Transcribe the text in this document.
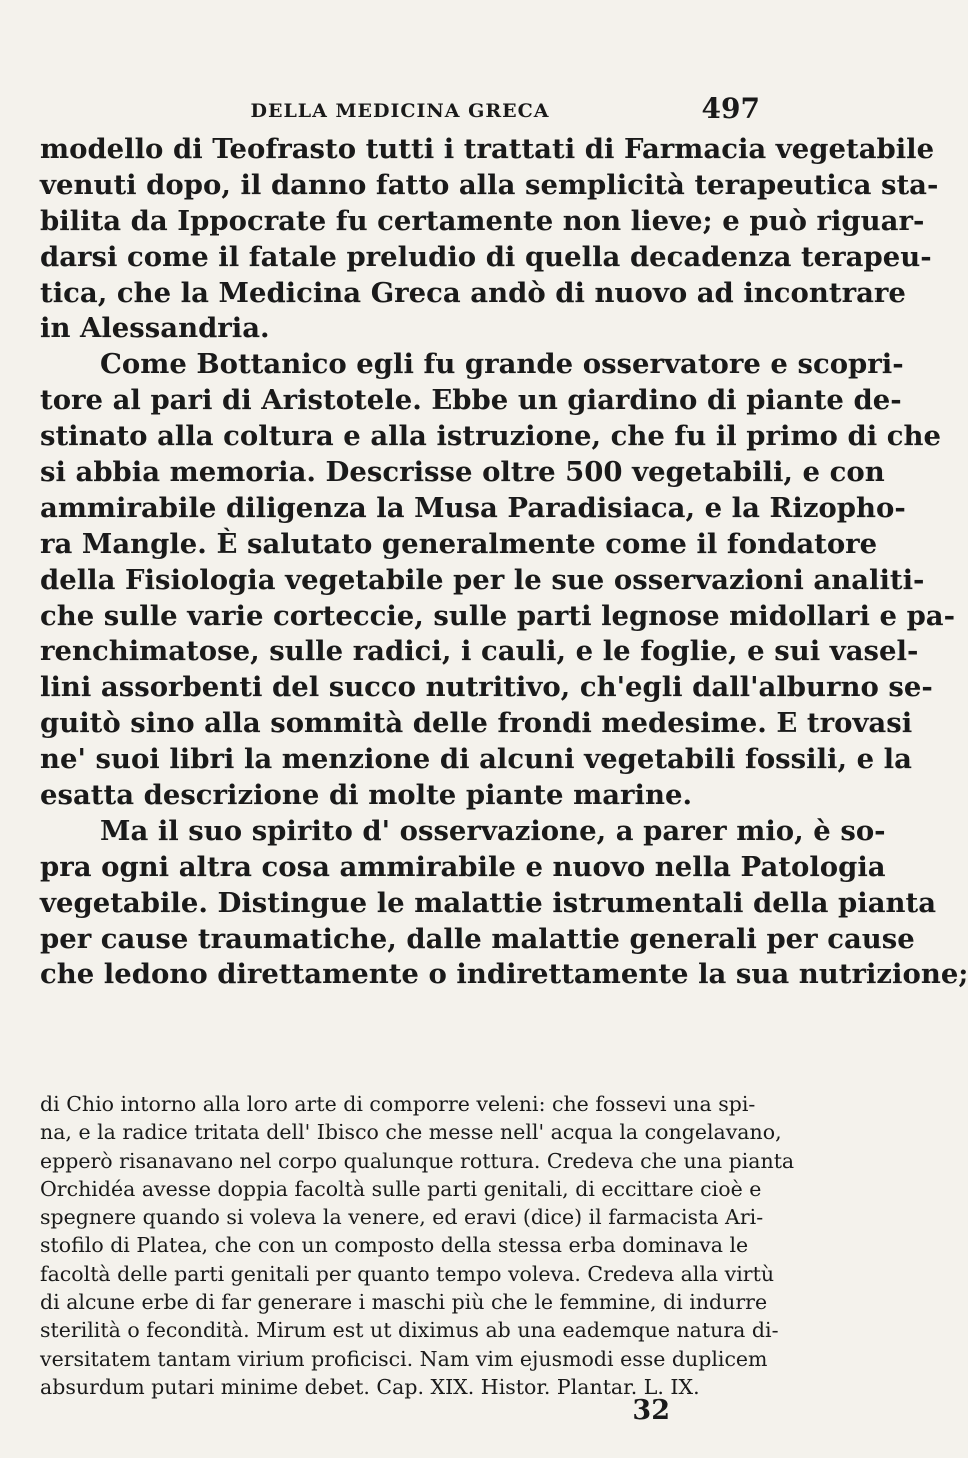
DELLA MEDICINA GRECA	497
modello di Teofrasto tutti i trattati di Farmacia vegetabile
venuti dopo, il danno fatto alla semplicità terapeutica sta-
bilita da Ippocrate fu certamente non lieve; e può riguar-
darsi come il fatale preludio di quella decadenza terapeu-
tica, che la Medicina Greca andò di nuovo ad incontrare
in Alessandria.
Come Bottanico egli fu grande osservatore e scopri-
tore al pari di Aristotele. Ebbe un giardino di piante de-
stinato alla coltura e alla istruzione, che fu il primo di che
si abbia memoria. Descrisse oltre 500 vegetabili, e con
ammirabile diligenza la Musa Paradisiaca, e la Rizopho-
ra Mangle. È salutato generalmente come il fondatore
della Fisiologia vegetabile per le sue osservazioni analiti-
che sulle varie corteccie, sulle parti legnose midollari e pa-
renchimatose, sulle radici, i cauli, e le foglie, e sui vasel-
lini assorbenti del succo nutritivo, ch'egli dall'alburno se-
guitò sino alla sommità delle frondi medesime. E trovasi
ne' suoi libri la menzione di alcuni vegetabili fossili, e la
esatta descrizione di molte piante marine.
Ma il suo spirito d' osservazione, a parer mio, è so-
pra ogni altra cosa ammirabile e nuovo nella Patologia
vegetabile. Distingue le malattie istrumentali della pianta
per cause traumatiche, dalle malattie generali per cause
che ledono direttamente o indirettamente la sua nutrizione;
di Chio intorno alla loro arte di comporre veleni: che fossevi una spi-
na, e la radice tritata dell' Ibisco che messe nell' acqua la congelavano,
epperò risanavano nel corpo qualunque rottura. Credeva che una pianta
Orchidéa avesse doppia facoltà sulle parti genitali, di eccittare cioè e
spegnere quando si voleva la venere, ed eravi (dice) il farmacista Ari-
stofilo di Platea, che con un composto della stessa erba dominava le
facoltà delle parti genitali per quanto tempo voleva. Credeva alla virtù
di alcune erbe di far generare i maschi più che le femmine, di indurre
sterilità o fecondità. Mirum est ut diximus ab una eademque natura di-
versitatem tantam virium proficisci. Nam vim ejusmodi esse duplicem
absurdum putari minime debet. Cap. XIX. Histor. Plantar. L. IX.
32
